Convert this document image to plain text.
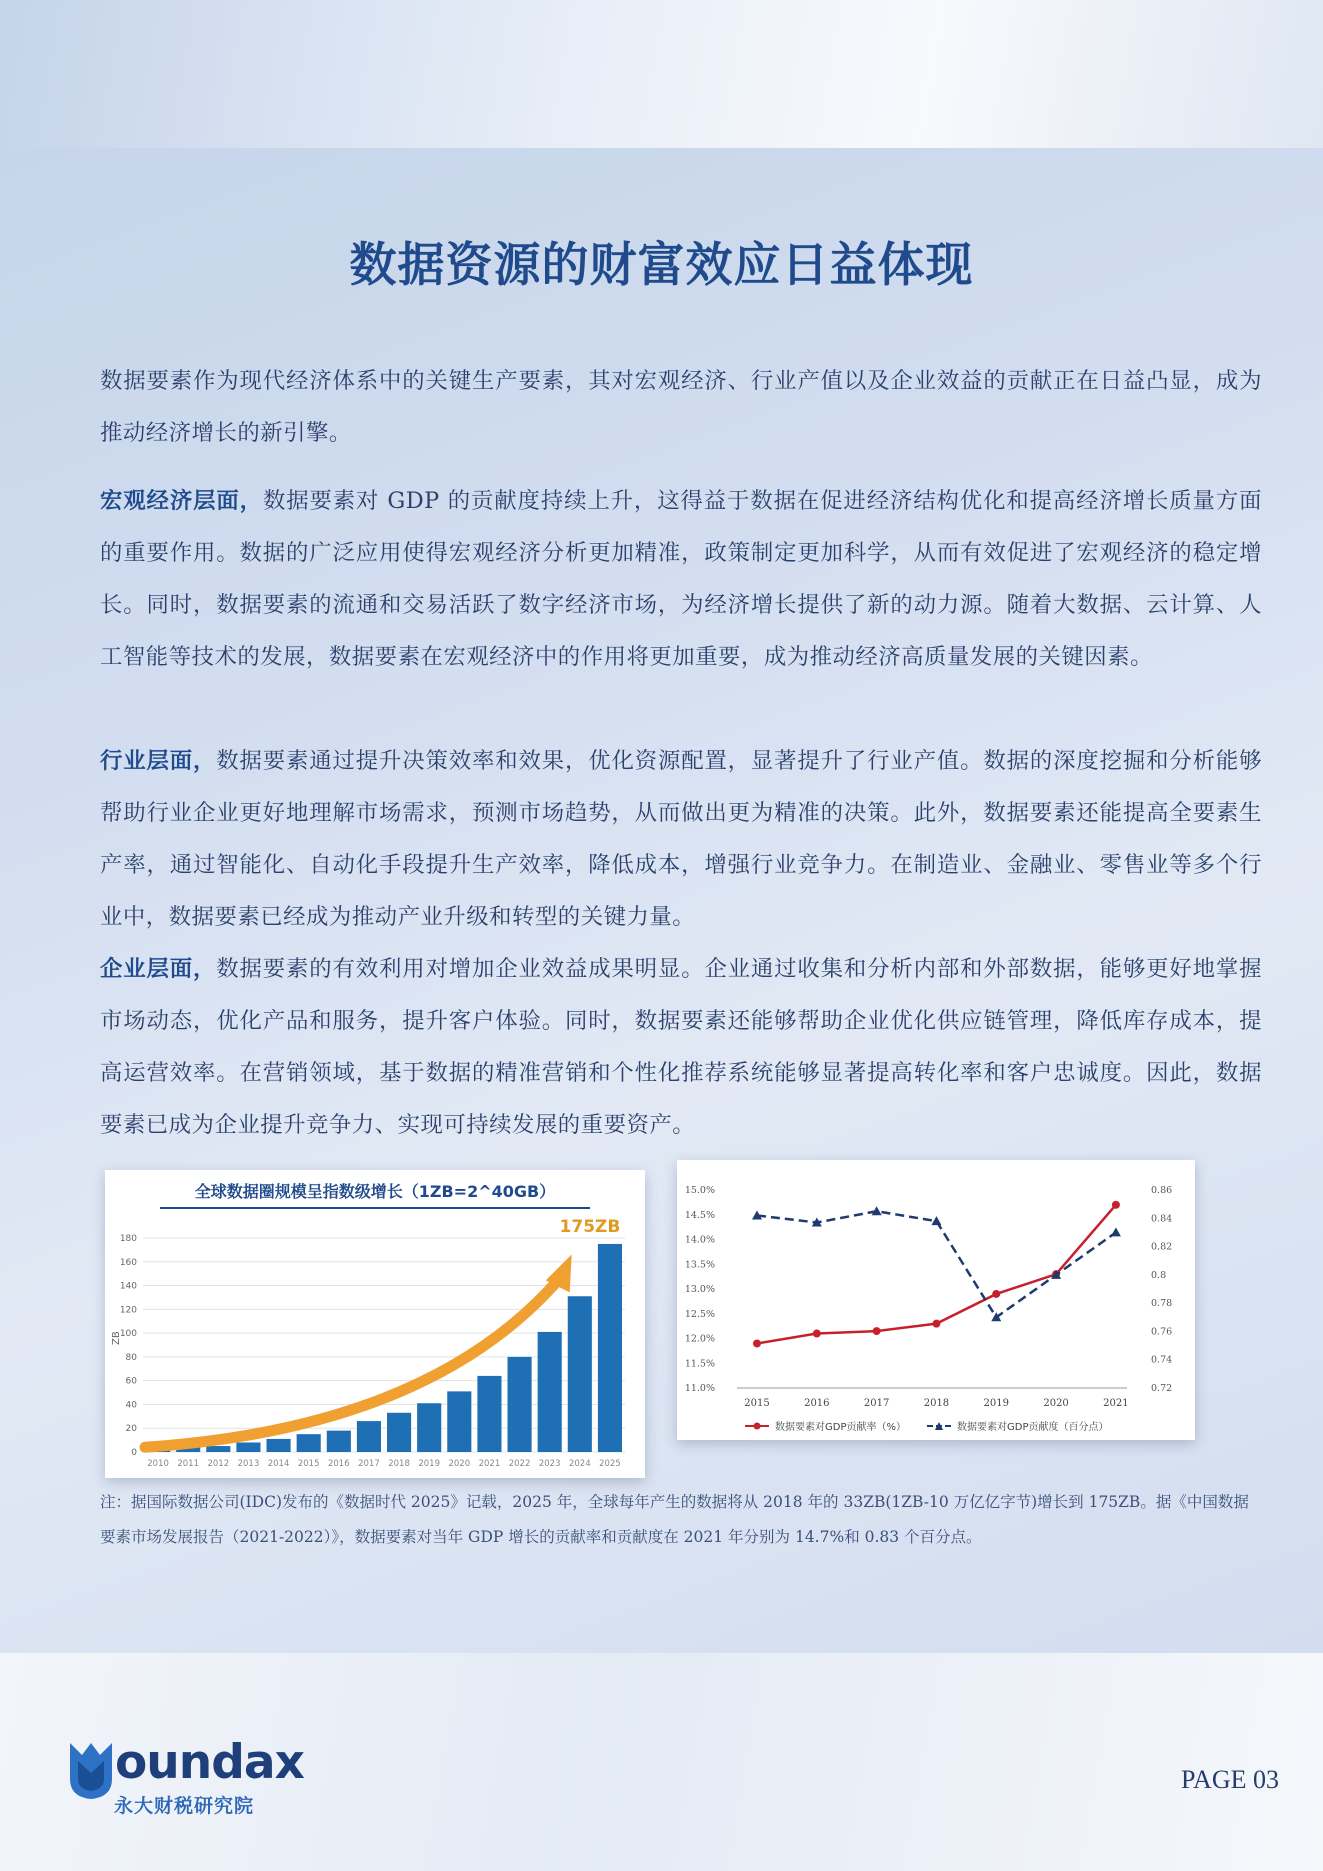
数据资源的财富效应日益体现
数据要素作为现代经济体系中的关键生产要素，其对宏观经济、行业产值以及企业效益的贡献正在日益凸显，成为推动经济增长的新引擎。
宏观经济层面，数据要素对 GDP 的贡献度持续上升，这得益于数据在促进经济结构优化和提高经济增长质量方面的重要作用。数据的广泛应用使得宏观经济分析更加精准，政策制定更加科学，从而有效促进了宏观经济的稳定增长。同时，数据要素的流通和交易活跃了数字经济市场，为经济增长提供了新的动力源。随着大数据、云计算、人工智能等技术的发展，数据要素在宏观经济中的作用将更加重要，成为推动经济高质量发展的关键因素。
行业层面，数据要素通过提升决策效率和效果，优化资源配置，显著提升了行业产值。数据的深度挖掘和分析能够帮助行业企业更好地理解市场需求，预测市场趋势，从而做出更为精准的决策。此外，数据要素还能提高全要素生产率，通过智能化、自动化手段提升生产效率，降低成本，增强行业竞争力。在制造业、金融业、零售业等多个行业中，数据要素已经成为推动产业升级和转型的关键力量。
企业层面，数据要素的有效利用对增加企业效益成果明显。企业通过收集和分析内部和外部数据，能够更好地掌握市场动态，优化产品和服务，提升客户体验。同时，数据要素还能够帮助企业优化供应链管理，降低库存成本，提高运营效率。在营销领域，基于数据的精准营销和个性化推荐系统能够显著提高转化率和客户忠诚度。因此，数据要素已成为企业提升竞争力、实现可持续发展的重要资产。
全球数据圈规模呈指数级增长（1ZB=2^40GB）
0
20
40
60
80
100
120
140
160
180
2010 2011 2012 2013 2014 2015 2016 2017 2018 2019 2020 2021 2022 2023 2024 2025
ZB
175ZB
11.0%
11.5%
12.0%
12.5%
13.0%
13.5%
14.0%
14.5%
15.0%
0.72
0.74
0.76
0.78
0.8
0.82
0.84
0.86
2015	2016	2017	2018	2019	2020	2021
数据要素对GDP贡献率（%）	数据要素对GDP贡献度（百分点）
注：据国际数据公司(IDC)发布的《数据时代 2025》记载，2025 年，全球每年产生的数据将从 2018 年的 33ZB(1ZB-10 万亿亿字节)增长到 175ZB。据《中国数据要素市场发展报告（2021-2022）》，数据要素对当年 GDP 增长的贡献率和贡献度在 2021 年分别为 14.7%和 0.83 个百分点。
oundax
永大财税研究院
PAGE 03
